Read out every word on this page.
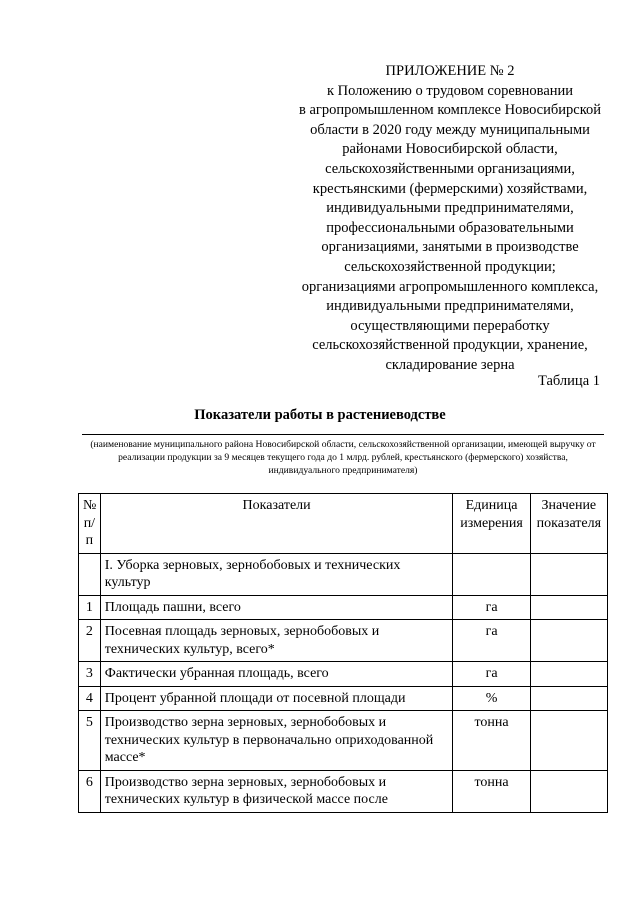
ПРИЛОЖЕНИЕ № 2
к Положению о трудовом соревновании
в агропромышленном комплексе Новосибирской
области в 2020 году между муниципальными
районами Новосибирской области,
сельскохозяйственными организациями,
крестьянскими (фермерскими) хозяйствами,
индивидуальными предпринимателями,
профессиональными образовательными
организациями, занятыми в производстве
сельскохозяйственной продукции;
организациями агропромышленного комплекса,
индивидуальными предпринимателями,
осуществляющими переработку
сельскохозяйственной продукции, хранение,
складирование зерна
Таблица 1
Показатели работы в растениеводстве
(наименование муниципального района Новосибирской области, сельскохозяйственной организации, имеющей выручку от реализации продукции за 9 месяцев текущего года до 1 млрд. рублей, крестьянского (фермерского) хозяйства, индивидуального предпринимателя)
№ п/п	Показатели	Единица измерения	Значение показателя
	I. Уборка зерновых, зернобобовых и технических культур		
1	Площадь пашни, всего	га	
2	Посевная площадь зерновых, зернобобовых и технических культур, всего*	га	
3	Фактически убранная площадь, всего	га	
4	Процент убранной площади от посевной площади	%	
5	Производство зерна зерновых, зернобобовых и технических культур в первоначально оприходованной массе*	тонна	
6	Производство зерна зерновых, зернобобовых и технических культур в физической массе после	тонна	
